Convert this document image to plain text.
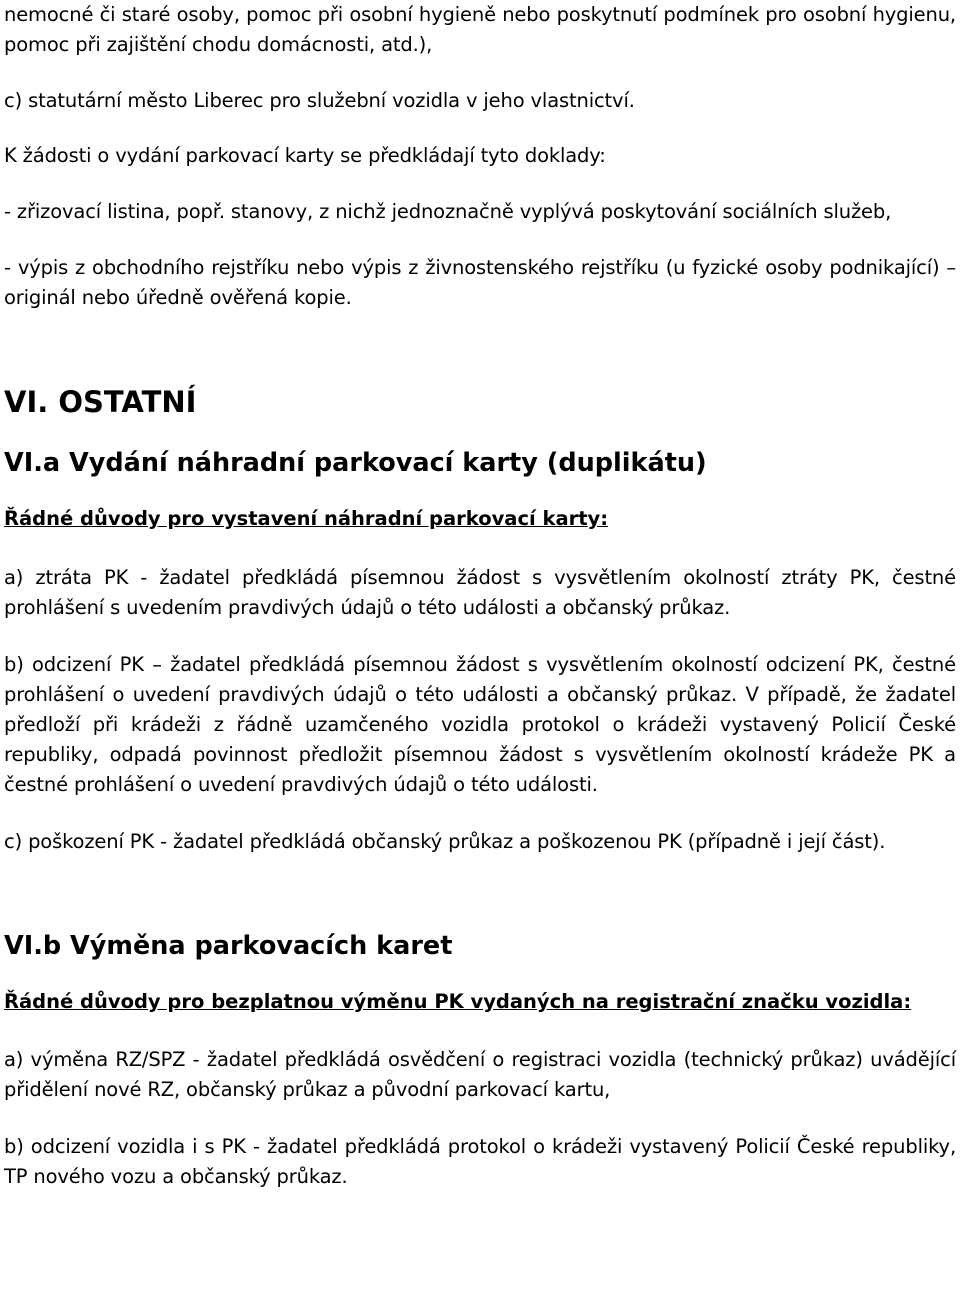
nemocné či staré osoby, pomoc při osobní hygieně nebo poskytnutí podmínek pro osobní hygienu, pomoc při zajištění chodu domácnosti, atd.),

c) statutární město Liberec pro služební vozidla v jeho vlastnictví.

K žádosti o vydání parkovací karty se předkládají tyto doklady:

- zřizovací listina, popř. stanovy, z nichž jednoznačně vyplývá poskytování sociálních služeb,

- výpis z obchodního rejstříku nebo výpis z živnostenského rejstříku (u fyzické osoby podnikající) – originál nebo úředně ověřená kopie.

VI. OSTATNÍ
VI.a Vydání náhradní parkovací karty (duplikátu)

Řádné důvody pro vystavení náhradní parkovací karty:

a) ztráta PK - žadatel předkládá písemnou žádost s vysvětlením okolností ztráty PK, čestné prohlášení s uvedením pravdivých údajů o této události a občanský průkaz.

b) odcizení PK – žadatel předkládá písemnou žádost s vysvětlením okolností odcizení PK, čestné prohlášení o uvedení pravdivých údajů o této události a občanský průkaz. V případě, že žadatel předloží při krádeži z řádně uzamčeného vozidla protokol o krádeži vystavený Policií České republiky, odpadá povinnost předložit písemnou žádost s vysvětlením okolností krádeže PK a čestné prohlášení o uvedení pravdivých údajů o této události.

c) poškození PK - žadatel předkládá občanský průkaz a poškozenou PK (případně i její část).

VI.b Výměna parkovacích karet

Řádné důvody pro bezplatnou výměnu PK vydaných na registrační značku vozidla:

a) výměna RZ/SPZ - žadatel předkládá osvědčení o registraci vozidla (technický průkaz) uvádějící přidělení nové RZ, občanský průkaz a původní parkovací kartu,

b) odcizení vozidla i s PK - žadatel předkládá protokol o krádeži vystavený Policií České republiky, TP nového vozu a občanský průkaz.
